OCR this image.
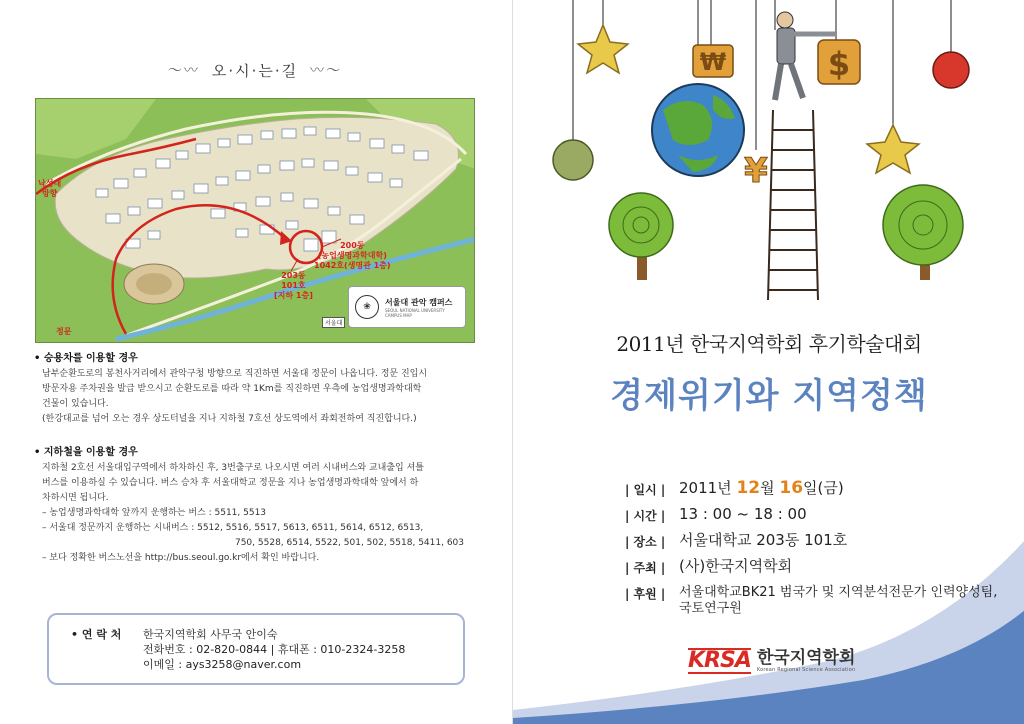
〜〰 오·시·는·길 〰〜
낙성대
방향
200동
(농업생명과학대학)
1042호(생명관 1층)
203동
101호
[지하 1층]
정문
❀	서울대 관악 캠퍼스
SEOUL NATIONAL UNIVERSITY
CAMPUS MAP
서울대
• 승용차를 이용할 경우

남부순환도로의 봉천사거리에서 관악구청 방향으로 직진하면 서울대 정문이 나옵니다. 정문 진입시

방문자용 주차권을 발급 받으시고 순환도로를 따라 약 1Km를 직진하면 우측에 농업생명과학대학

건물이 있습니다.

(한강대교를 넘어 오는 경우 상도터널을 지나 지하철 7호선 상도역에서 좌회전하여 직진합니다.)

• 지하철을 이용할 경우

지하철 2호선 서울대입구역에서 하차하신 후, 3번출구로 나오시면 여러 시내버스와 교내출입 셔틀

버스를 이용하실 수 있습니다. 버스 승차 후 서울대학교 정문을 지나 농업생명과학대학 앞에서 하

차하시면 됩니다.

– 농업생명과학대학 앞까지 운행하는 버스 : 5511, 5513

– 서울대 정문까지 운행하는 시내버스 : 5512, 5516, 5517, 5613, 6511, 5614, 6512, 6513,

750, 5528, 6514, 5522, 501, 502, 5518, 5411, 603

– 보다 정확한 버스노선을 http://bus.seoul.go.kr에서 확인 바랍니다.

• 연 락 처	한국지역학회 사무국 안이숙
전화번호 : 02-820-0844 | 휴대폰 : 010-2324-3258
이메일 : ays3258@naver.com
₩	$
¥
2011년 한국지역학회 후기학술대회
경제위기와 지역정책
| 일시 | 2011년 12월 16일(금)
| 시간 | 13 : 00 ~ 18 : 00
| 장소 | 서울대학교 203동 101호
| 주최 | (사)한국지역학회
| 후원 |	서울대학교BK21 범국가 및 지역분석전문가 인력양성팀,
국토연구원
KRSA 한국지역학회
Korean Regional Science Association
